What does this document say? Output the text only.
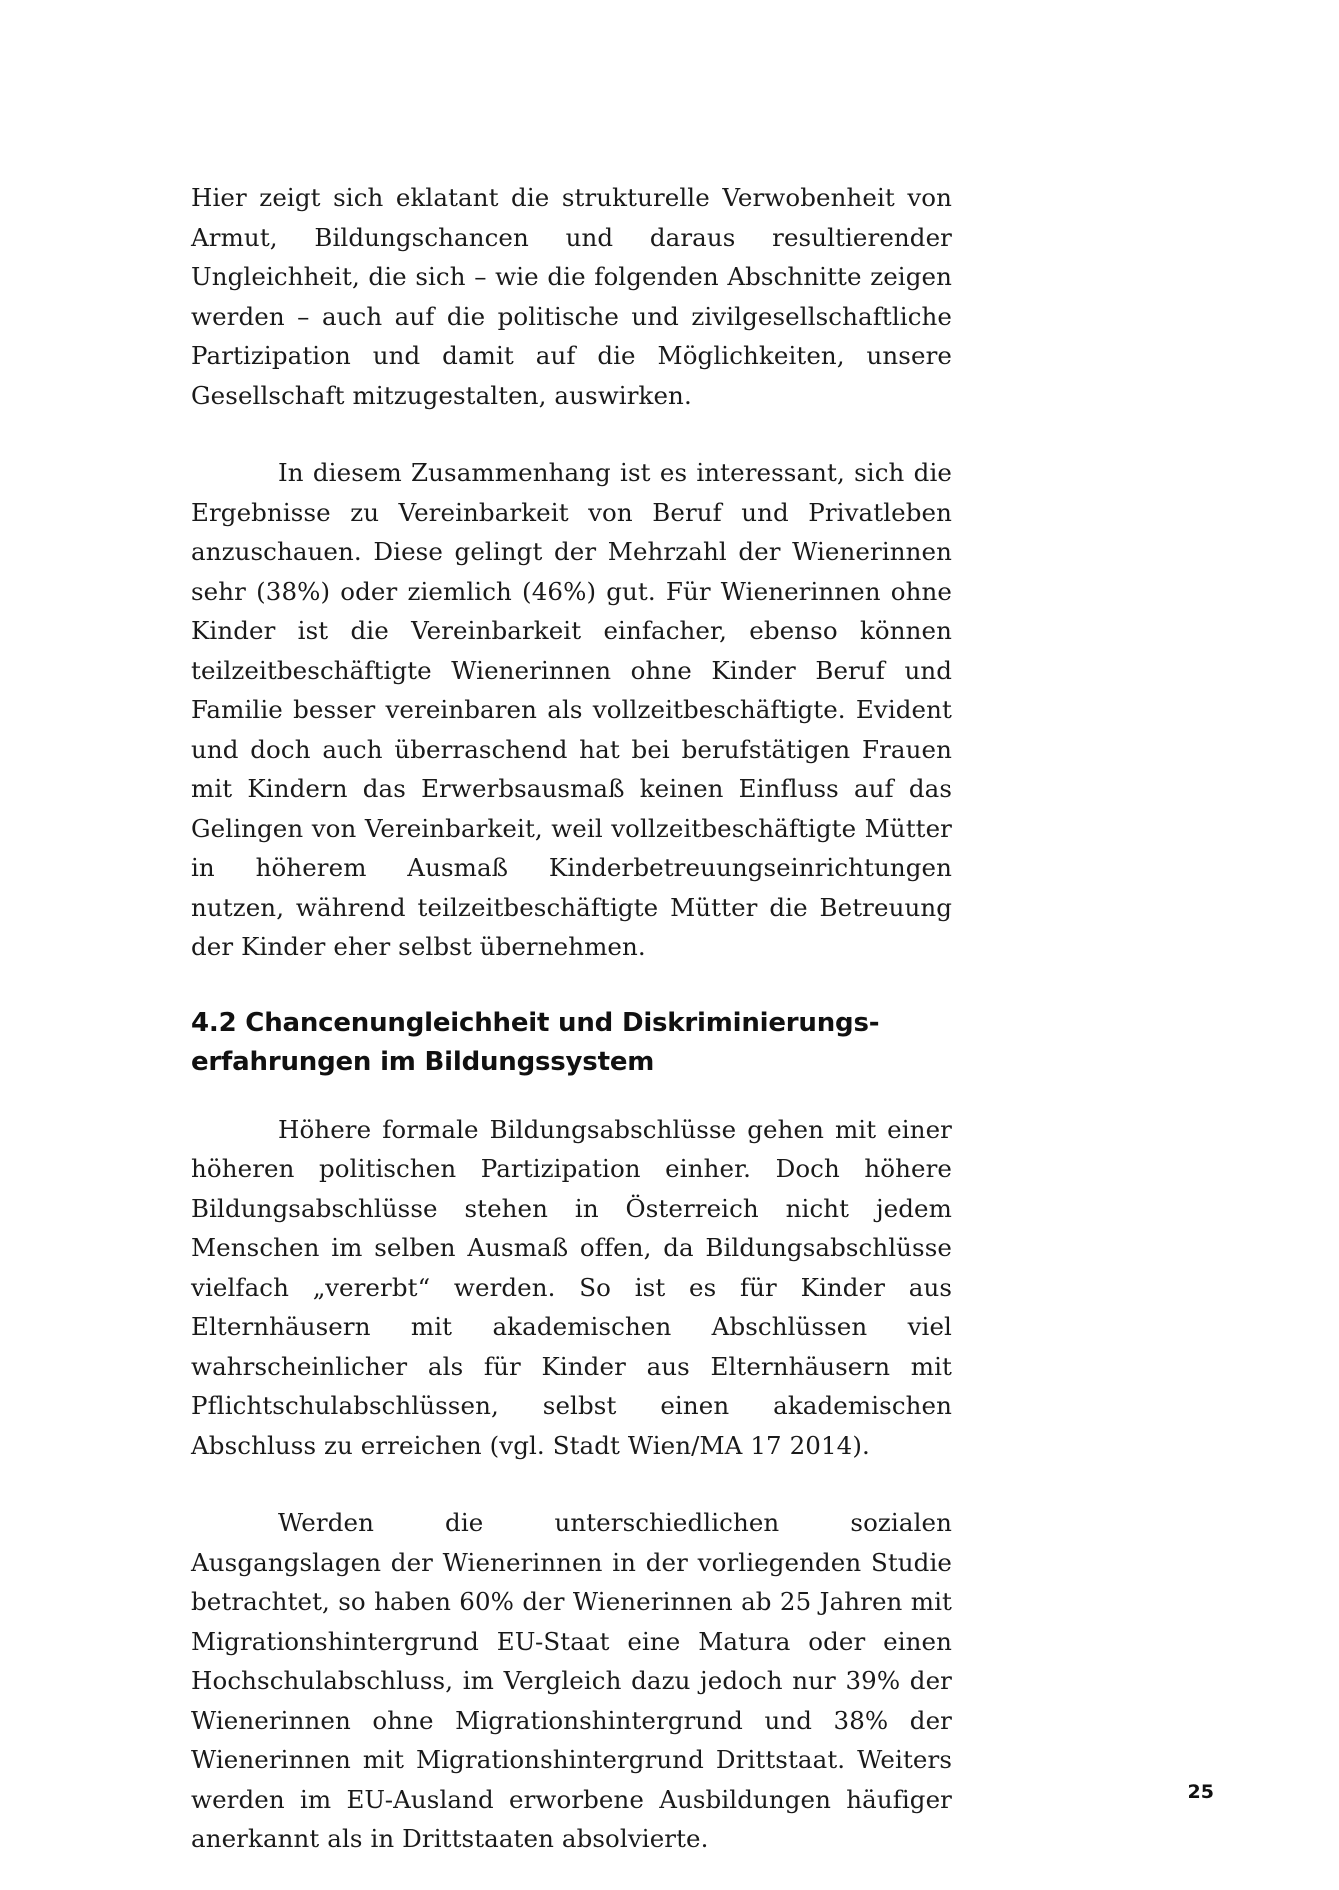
Hier zeigt sich eklatant die strukturelle Verwobenheit von Armut, Bildungschancen und daraus resultierender Ungleichheit, die sich – wie die folgenden Abschnitte zeigen werden – auch auf die politische und zivilgesellschaftliche Partizipation und damit auf die Möglichkeiten, unsere Gesellschaft mitzugestalten, auswirken.

In diesem Zusammenhang ist es interessant, sich die Ergebnisse zu Vereinbarkeit von Beruf und Privatleben anzuschauen. Diese gelingt der Mehrzahl der Wienerinnen sehr (38%) oder ziemlich (46%) gut. Für Wienerinnen ohne Kinder ist die Vereinbarkeit einfacher, ebenso können teilzeitbeschäftigte Wienerinnen ohne Kinder Beruf und Familie besser vereinbaren als vollzeitbeschäftigte. Evident und doch auch überraschend hat bei berufstätigen Frauen mit Kindern das Erwerbsausmaß keinen Einfluss auf das Gelingen von Vereinbarkeit, weil vollzeitbeschäftigte Mütter in höherem Ausmaß Kinderbetreuungseinrichtungen nutzen, während teilzeitbeschäftigte Mütter die Betreuung der Kinder eher selbst übernehmen.

4.2 Chancenungleichheit und Diskriminierungs-
erfahrungen im Bildungssystem

Höhere formale Bildungsabschlüsse gehen mit einer höheren politischen Partizipation einher. Doch höhere Bildungsabschlüsse stehen in Österreich nicht jedem Menschen im selben Ausmaß offen, da Bildungsabschlüsse vielfach „vererbt“ werden. So ist es für Kinder aus Elternhäusern mit akademischen Abschlüssen viel wahrscheinlicher als für Kinder aus Elternhäusern mit Pflichtschulabschlüssen, selbst einen akademischen Abschluss zu erreichen (vgl. Stadt Wien/MA 17 2014).

Werden die unterschiedlichen sozialen Ausgangslagen der Wienerinnen in der vorliegenden Studie betrachtet, so haben 60% der Wienerinnen ab 25 Jahren mit Migrationshintergrund EU-Staat eine Matura oder einen Hochschulabschluss, im Vergleich dazu jedoch nur 39% der Wienerinnen ohne Migrationshintergrund und 38% der Wienerinnen mit Migrationshintergrund Drittstaat. Weiters werden im EU-Ausland erworbene Ausbildungen häufiger anerkannt als in Drittstaaten absolvierte.

25
